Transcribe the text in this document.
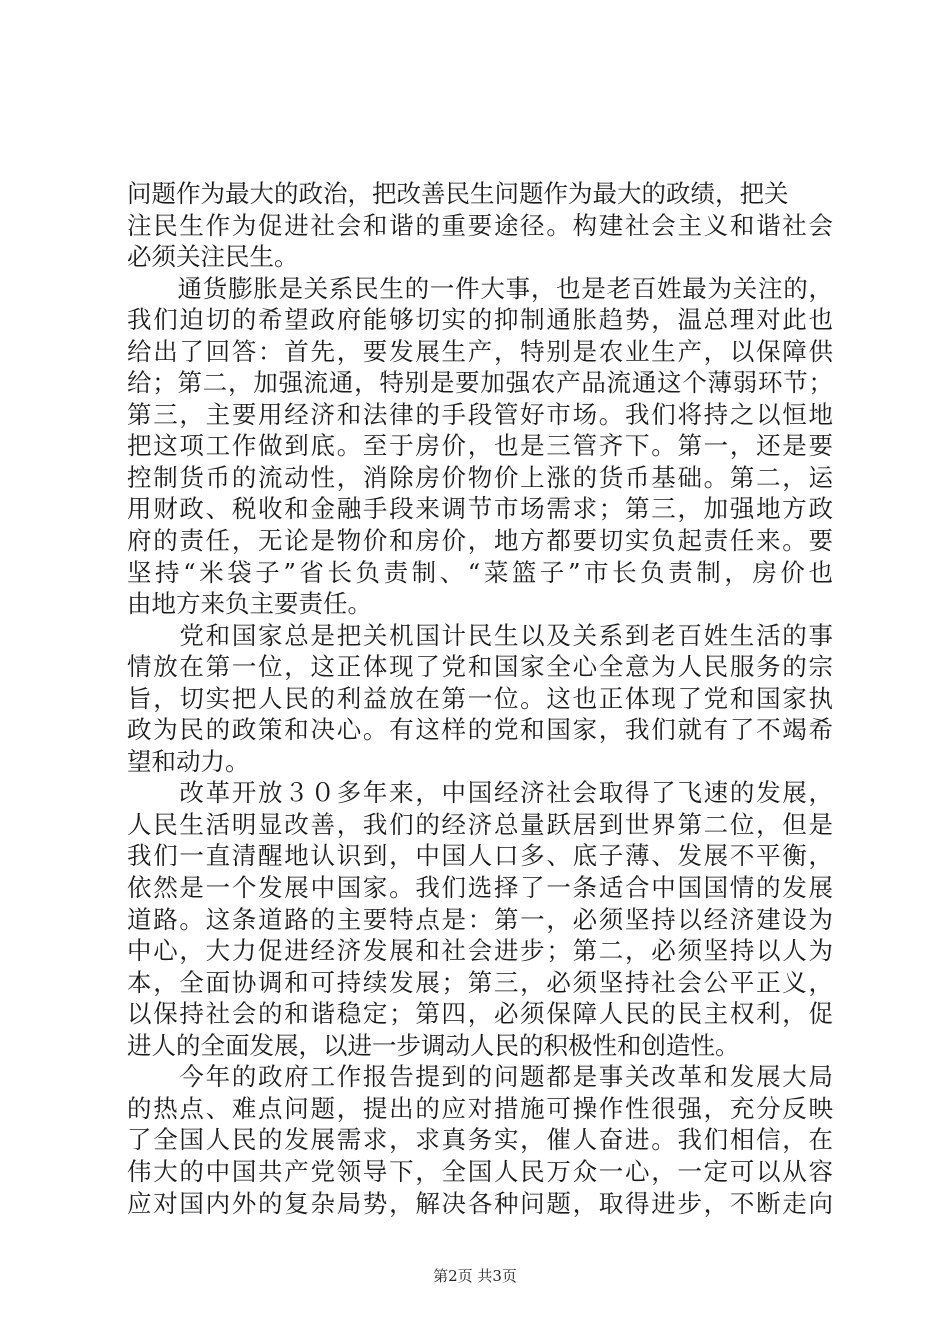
问题作为最大的政治，把改善民生问题作为最大的政绩，把关
注民生作为促进社会和谐的重要途径。构建社会主义和谐社会
必须关注民生。
　　通货膨胀是关系民生的一件大事，也是老百姓最为关注的，
我们迫切的希望政府能够切实的抑制通胀趋势，温总理对此也
给出了回答：首先，要发展生产，特别是农业生产，以保障供
给；第二，加强流通，特别是要加强农产品流通这个薄弱环节；
第三，主要用经济和法律的手段管好市场。我们将持之以恒地
把这项工作做到底。至于房价，也是三管齐下。第一，还是要
控制货币的流动性，消除房价物价上涨的货币基础。第二，运
用财政、税收和金融手段来调节市场需求；第三，加强地方政
府的责任，无论是物价和房价，地方都要切实负起责任来。要
坚持“米袋子”省长负责制、“菜篮子”市长负责制，房价也
由地方来负主要责任。
　　党和国家总是把关机国计民生以及关系到老百姓生活的事
情放在第一位，这正体现了党和国家全心全意为人民服务的宗
旨，切实把人民的利益放在第一位。这也正体现了党和国家执
政为民的政策和决心。有这样的党和国家，我们就有了不竭希
望和动力。
　　改革开放３０多年来，中国经济社会取得了飞速的发展，
人民生活明显改善，我们的经济总量跃居到世界第二位，但是
我们一直清醒地认识到，中国人口多、底子薄、发展不平衡，
依然是一个发展中国家。我们选择了一条适合中国国情的发展
道路。这条道路的主要特点是：第一，必须坚持以经济建设为
中心，大力促进经济发展和社会进步；第二，必须坚持以人为
本，全面协调和可持续发展；第三，必须坚持社会公平正义，
以保持社会的和谐稳定；第四，必须保障人民的民主权利，促
进人的全面发展，以进一步调动人民的积极性和创造性。
　　今年的政府工作报告提到的问题都是事关改革和发展大局
的热点、难点问题，提出的应对措施可操作性很强，充分反映
了全国人民的发展需求，求真务实，催人奋进。我们相信，在
伟大的中国共产党领导下，全国人民万众一心，一定可以从容
应对国内外的复杂局势，解决各种问题，取得进步，不断走向
第2页 共3页
